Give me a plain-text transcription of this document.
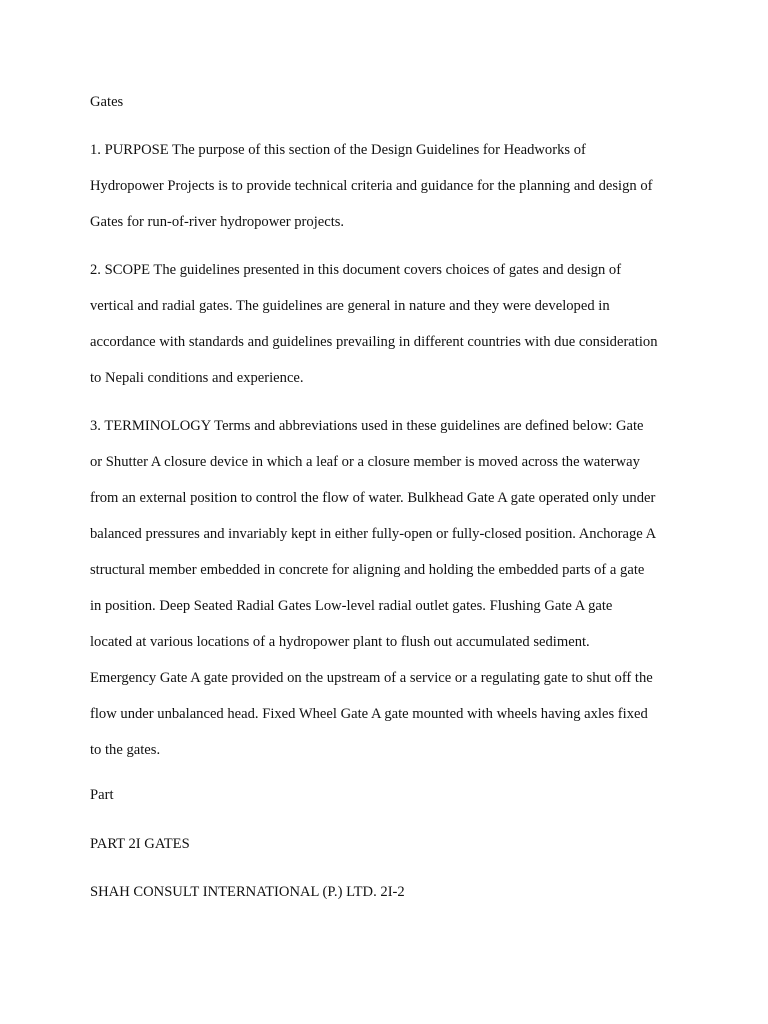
Gates

1. PURPOSE The purpose of this section of the Design Guidelines for Headworks of
Hydropower Projects is to provide technical criteria and guidance for the planning and design of
Gates for run-of-river hydropower projects.

2. SCOPE The guidelines presented in this document covers choices of gates and design of
vertical and radial gates. The guidelines are general in nature and they were developed in
accordance with standards and guidelines prevailing in different countries with due consideration
to Nepali conditions and experience.

3. TERMINOLOGY Terms and abbreviations used in these guidelines are defined below: Gate
or Shutter A closure device in which a leaf or a closure member is moved across the waterway
from an external position to control the flow of water. Bulkhead Gate A gate operated only under
balanced pressures and invariably kept in either fully-open or fully-closed position. Anchorage A
structural member embedded in concrete for aligning and holding the embedded parts of a gate
in position. Deep Seated Radial Gates Low-level radial outlet gates. Flushing Gate A gate
located at various locations of a hydropower plant to flush out accumulated sediment.
Emergency Gate A gate provided on the upstream of a service or a regulating gate to shut off the
flow under unbalanced head. Fixed Wheel Gate A gate mounted with wheels having axles fixed
to the gates.

Part

PART 2I GATES

SHAH CONSULT INTERNATIONAL (P.) LTD. 2I-2
